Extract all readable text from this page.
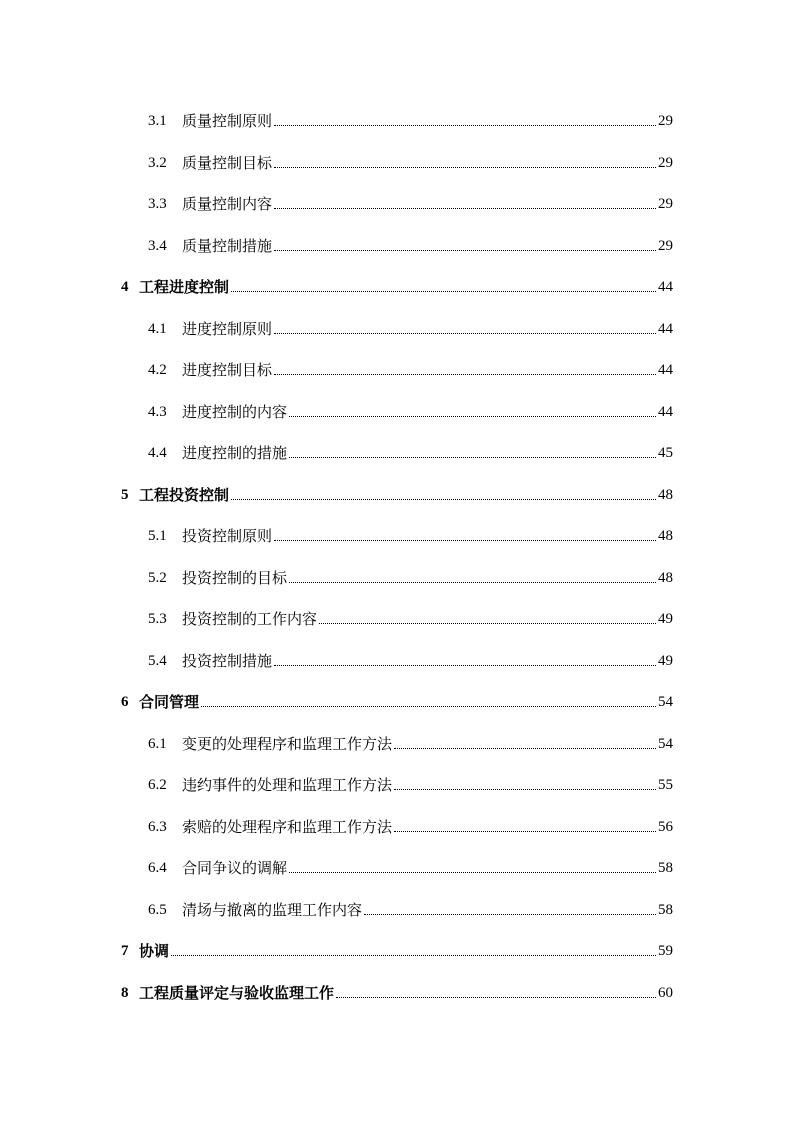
3.1	质量控制原则	29
3.2	质量控制目标	29
3.3	质量控制内容	29
3.4	质量控制措施	29
4 工程进度控制	44
4.1	进度控制原则	44
4.2	进度控制目标	44
4.3	进度控制的内容	44
4.4	进度控制的措施	45
5 工程投资控制	48
5.1	投资控制原则	48
5.2	投资控制的目标	48
5.3	投资控制的工作内容	49
5.4	投资控制措施	49
6 合同管理	54
6.1	变更的处理程序和监理工作方法	54
6.2	违约事件的处理和监理工作方法	55
6.3	索赔的处理程序和监理工作方法	56
6.4	合同争议的调解	58
6.5	清场与撤离的监理工作内容	58
7 协调	59
8 工程质量评定与验收监理工作	60
